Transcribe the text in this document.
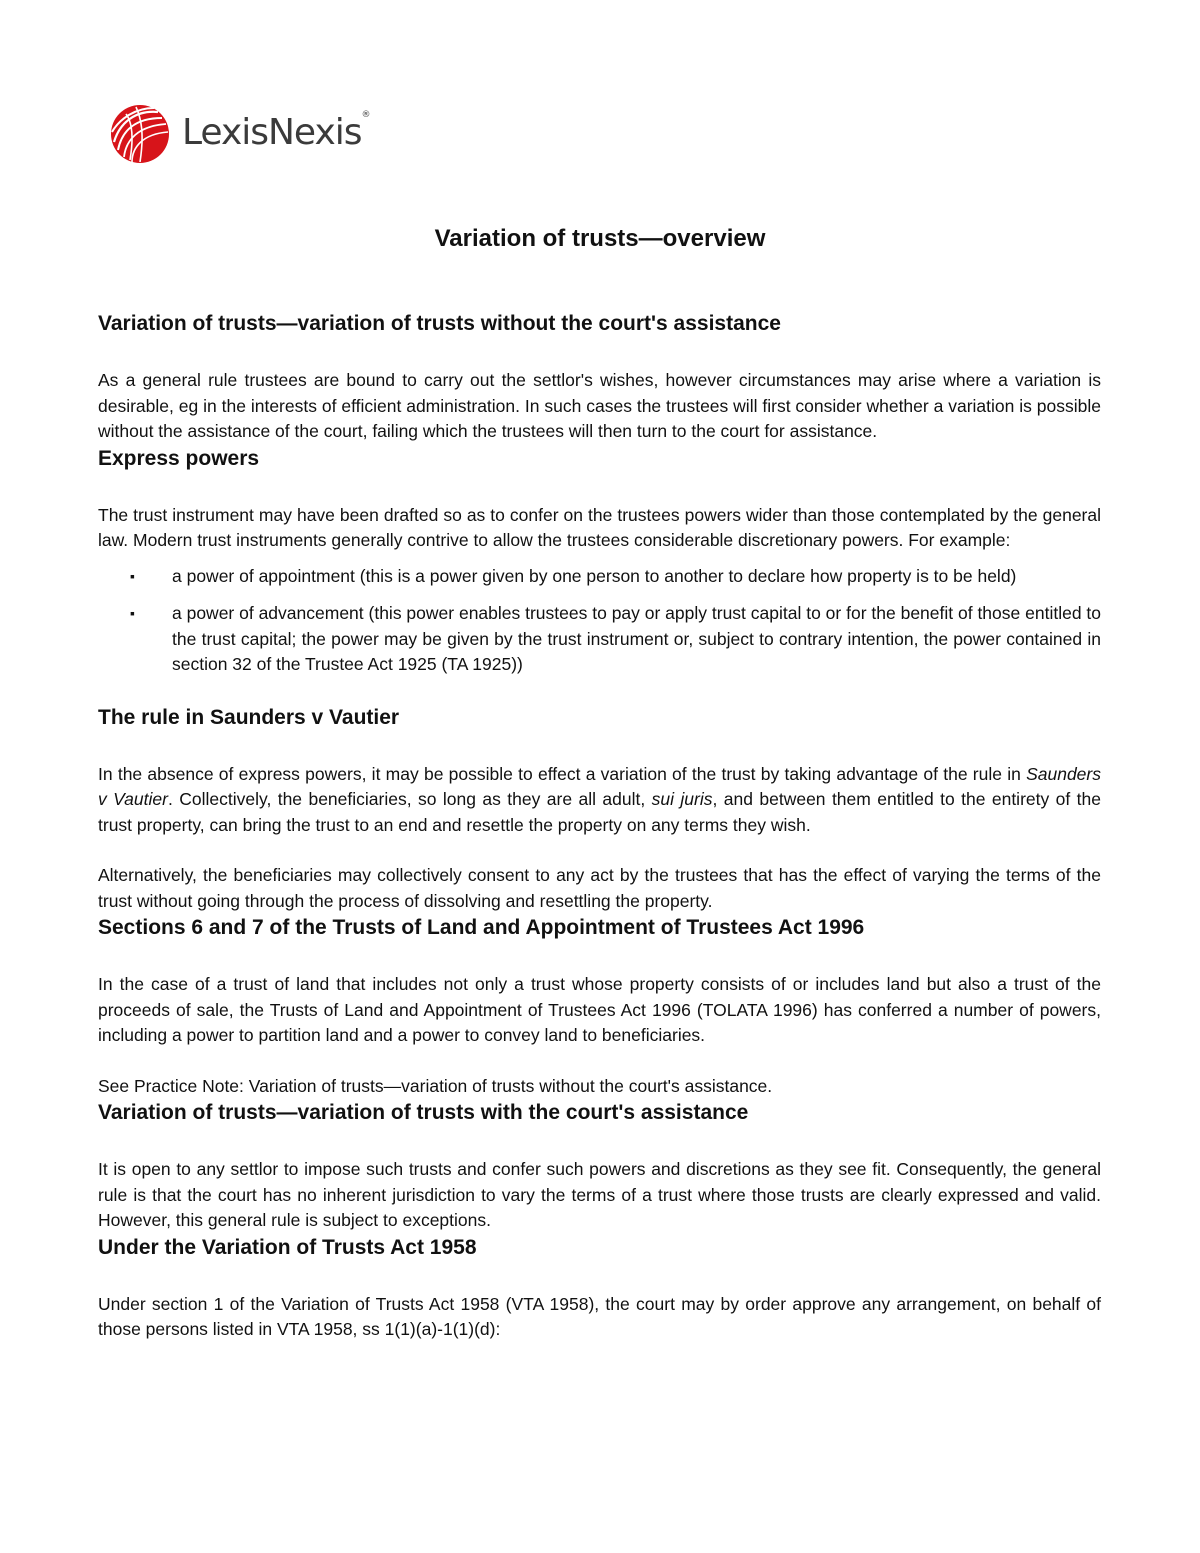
LexisNexis®
Variation of trusts—overview
Variation of trusts—variation of trusts without the court's assistance

As a general rule trustees are bound to carry out the settlor's wishes, however circumstances may arise where a variation is desirable, eg in the interests of efficient administration. In such cases the trustees will first consider whether a variation is possible without the assistance of the court, failing which the trustees will then turn to the court for assistance.

Express powers

The trust instrument may have been drafted so as to confer on the trustees powers wider than those contemplated by the general law. Modern trust instruments generally contrive to allow the trustees considerable discretionary powers. For example:

▪ a power of appointment (this is a power given by one person to another to declare how property is to be held)
▪ a power of advancement (this power enables trustees to pay or apply trust capital to or for the benefit of those entitled to the trust capital; the power may be given by the trust instrument or, subject to contrary intention, the power contained in section 32 of the Trustee Act 1925 (TA 1925))
The rule in Saunders v Vautier

In the absence of express powers, it may be possible to effect a variation of the trust by taking advantage of the rule in Saunders v Vautier. Collectively, the beneficiaries, so long as they are all adult, sui juris, and between them entitled to the entirety of the trust property, can bring the trust to an end and resettle the property on any terms they wish.

Alternatively, the beneficiaries may collectively consent to any act by the trustees that has the effect of varying the terms of the trust without going through the process of dissolving and resettling the property.

Sections 6 and 7 of the Trusts of Land and Appointment of Trustees Act 1996

In the case of a trust of land that includes not only a trust whose property consists of or includes land but also a trust of the proceeds of sale, the Trusts of Land and Appointment of Trustees Act 1996 (TOLATA 1996) has conferred a number of powers, including a power to partition land and a power to convey land to beneficiaries.

See Practice Note: Variation of trusts—variation of trusts without the court's assistance.

Variation of trusts—variation of trusts with the court's assistance

It is open to any settlor to impose such trusts and confer such powers and discretions as they see fit. Consequently, the general rule is that the court has no inherent jurisdiction to vary the terms of a trust where those trusts are clearly expressed and valid. However, this general rule is subject to exceptions.

Under the Variation of Trusts Act 1958

Under section 1 of the Variation of Trusts Act 1958 (VTA 1958), the court may by order approve any arrangement, on behalf of those persons listed in VTA 1958, ss 1(1)(a)-1(1)(d):
